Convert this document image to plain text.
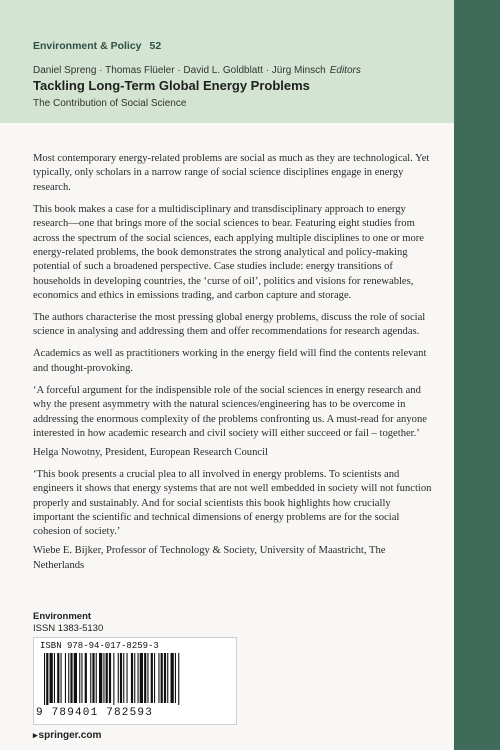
Environment & Policy 52
Daniel Spreng · Thomas Flüeler · David L. Goldblatt · Jürg Minsch Editors
Tackling Long-Term Global Energy Problems
The Contribution of Social Science

Most contemporary energy-related problems are social as much as they are technological. Yet typically, only scholars in a narrow range of social science disciplines engage in energy research.

This book makes a case for a multidisciplinary and transdisciplinary approach to energy research—one that brings more of the social sciences to bear. Featuring eight studies from across the spectrum of the social sciences, each applying multiple disciplines to one or more energy-related problems, the book demonstrates the strong analytical and policy-making potential of such a broadened perspective. Case studies include: energy transitions of households in developing countries, the ‘curse of oil’, politics and visions for renewables, economics and ethics in emissions trading, and carbon capture and storage.

The authors characterise the most pressing global energy problems, discuss the role of social science in analysing and addressing them and offer recommendations for research agendas.

Academics as well as practitioners working in the energy field will find the contents relevant and thought-provoking.

‘A forceful argument for the indispensible role of the social sciences in energy research and why the present asymmetry with the natural sciences/engineering has to be overcome in addressing the enormous complexity of the problems confronting us. A must-read for anyone interested in how academic research and civil society will either succeed or fail – together.’

Helga Nowotny, President, European Research Council

‘This book presents a crucial plea to all involved in energy problems. To scientists and engineers it shows that energy systems that are not well embedded in society will not function properly and sustainably. And for social scientists this book highlights how crucially important the scientific and technical dimensions of energy problems are for the social cohesion of society.’

Wiebe E. Bijker, Professor of Technology & Society, University of Maastricht, The Netherlands

Environment
ISSN 1383-5130
ISBN 978-94-017-8259-3
9 789401 782593
▸springer.com
